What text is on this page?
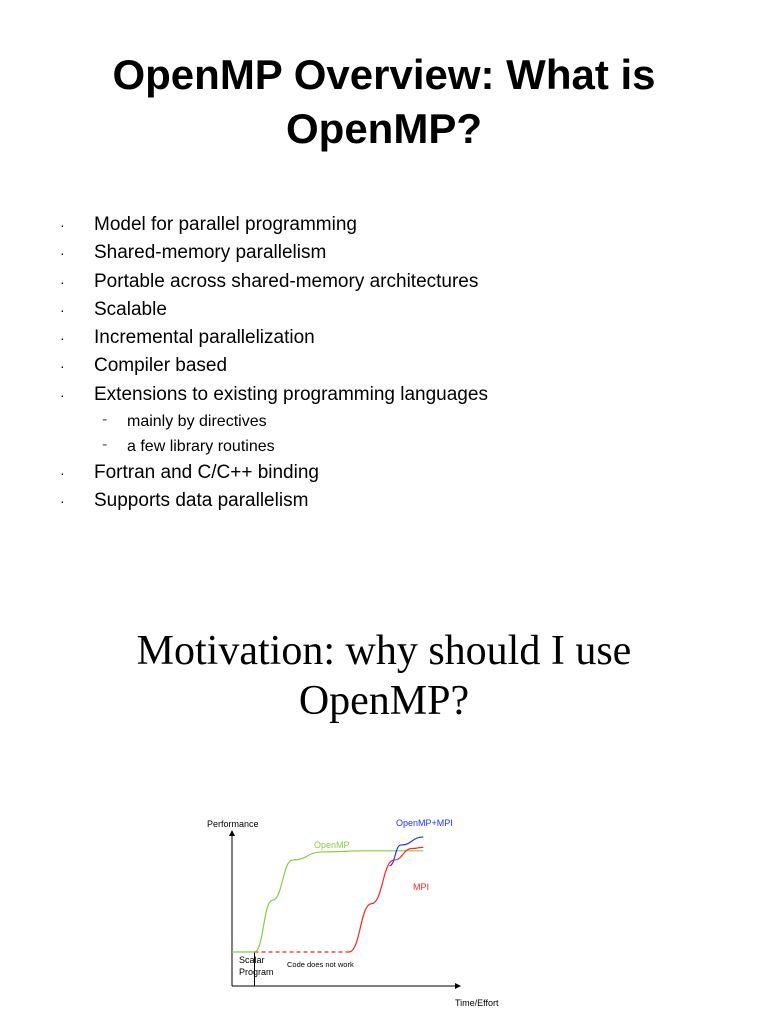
OpenMP Overview: What is
OpenMP?
· Model for parallel programming
· Shared-memory parallelism
· Portable across shared-memory architectures
· Scalable
· Incremental parallelization
· Compiler based
· Extensions to existing programming languages
- mainly by directives
- a few library routines
· Fortran and C/C++ binding
· Supports data parallelism
Motivation: why should I use
OpenMP?
Performance
Time/Effort
OpenMP
OpenMP+MPI
MPI
Scalar
Program
Code does not work
